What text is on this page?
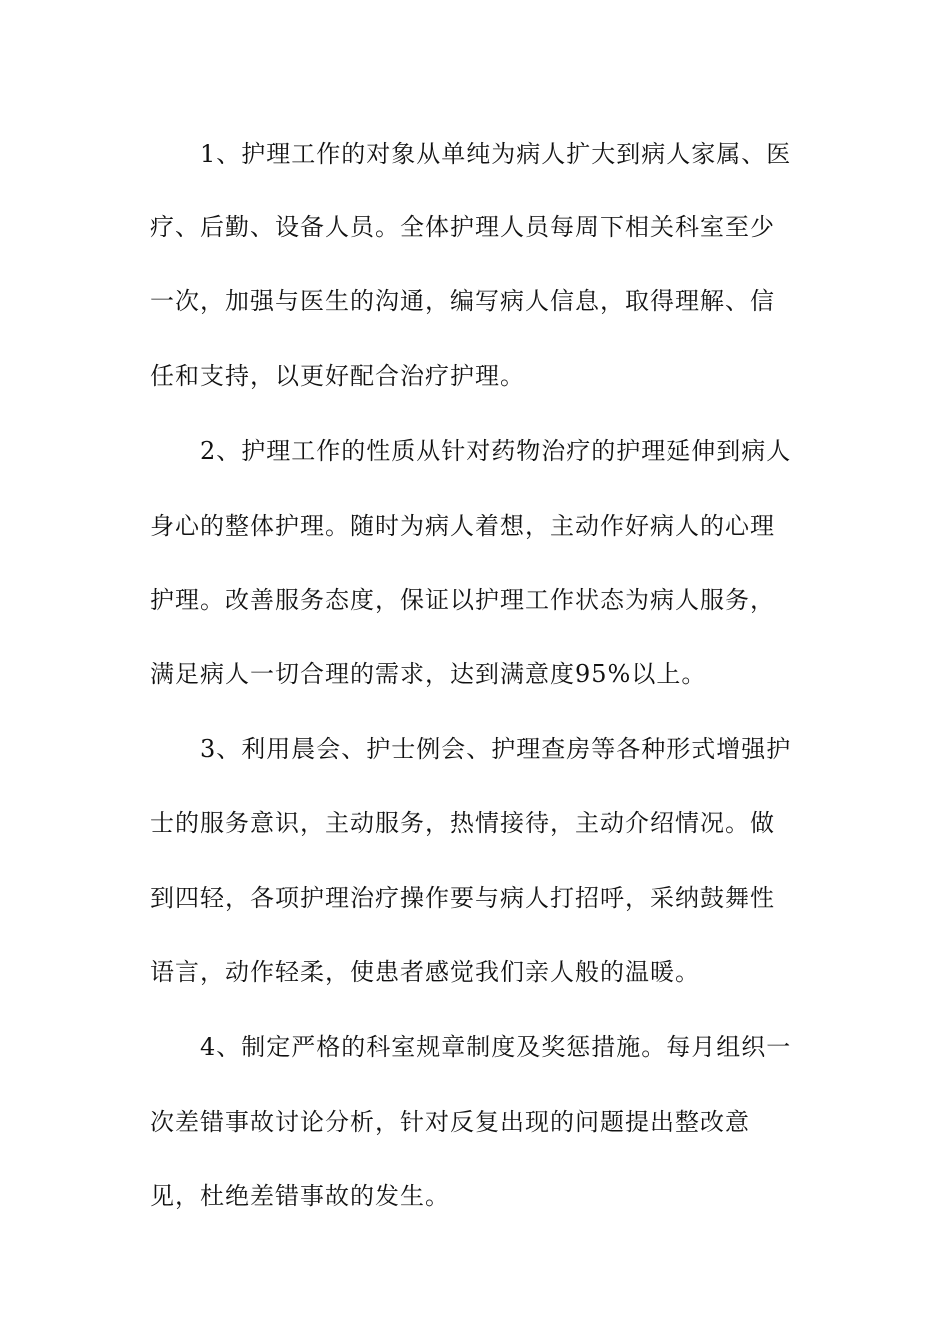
1、护理工作的对象从单纯为病人扩大到病人家属、医
疗、后勤、设备人员。全体护理人员每周下相关科室至少
一次，加强与医生的沟通，编写病人信息，取得理解、信
任和支持，以更好配合治疗护理。
2、护理工作的性质从针对药物治疗的护理延伸到病人
身心的整体护理。随时为病人着想，主动作好病人的心理
护理。改善服务态度，保证以护理工作状态为病人服务，
满足病人一切合理的需求，达到满意度95%以上。
3、利用晨会、护士例会、护理查房等各种形式增强护
士的服务意识，主动服务，热情接待，主动介绍情况。做
到四轻，各项护理治疗操作要与病人打招呼，采纳鼓舞性
语言，动作轻柔，使患者感觉我们亲人般的温暖。
4、制定严格的科室规章制度及奖惩措施。每月组织一
次差错事故讨论分析，针对反复出现的问题提出整改意
见，杜绝差错事故的发生。
